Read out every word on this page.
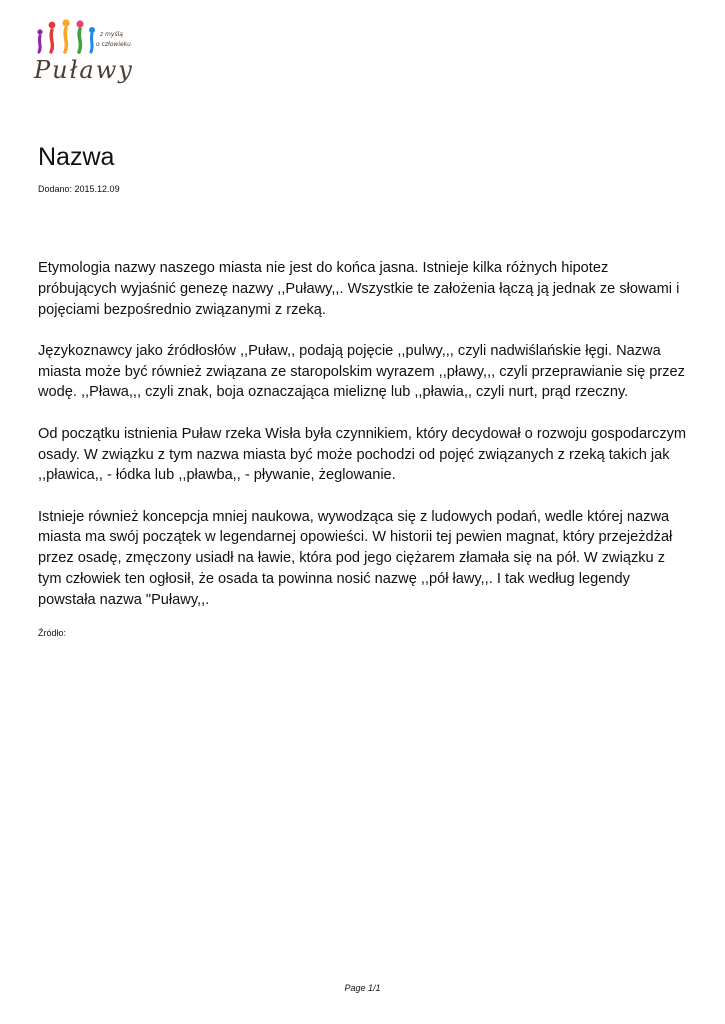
z myślą
o człowieku
Puławy
Nazwa
Dodano: 2015.12.09

Etymologia nazwy naszego miasta nie jest do końca jasna. Istnieje kilka różnych hipotez próbujących wyjaśnić genezę nazwy ,,Puławy,,. Wszystkie te założenia łączą ją jednak ze słowami i pojęciami bezpośrednio związanymi z rzeką.

Językoznawcy jako źródłosłów ,,Puław,, podają pojęcie ,,pulwy,,, czyli nadwiślańskie łęgi. Nazwa miasta może być również związana ze staropolskim wyrazem ,,pławy,,, czyli przeprawianie się przez wodę. ,,Pława,,, czyli znak, boja oznaczająca mieliznę lub ,,pławia,, czyli nurt, prąd rzeczny.

Od początku istnienia Puław rzeka Wisła była czynnikiem, który decydował o rozwoju gospodarczym osady. W związku z tym nazwa miasta być może pochodzi od pojęć związanych z rzeką takich jak ,,pławica,, - łódka lub ,,pławba,, - pływanie, żeglowanie.

Istnieje również koncepcja mniej naukowa, wywodząca się z ludowych podań, wedle której nazwa miasta ma swój początek w legendarnej opowieści. W historii tej pewien magnat, który przejeżdżał przez osadę, zmęczony usiadł na ławie, która pod jego ciężarem złamała się na pół. W związku z tym człowiek ten ogłosił, że osada ta powinna nosić nazwę ,,pół ławy,,. I tak według legendy powstała nazwa "Puławy,,.

Źródło:
Page 1/1
